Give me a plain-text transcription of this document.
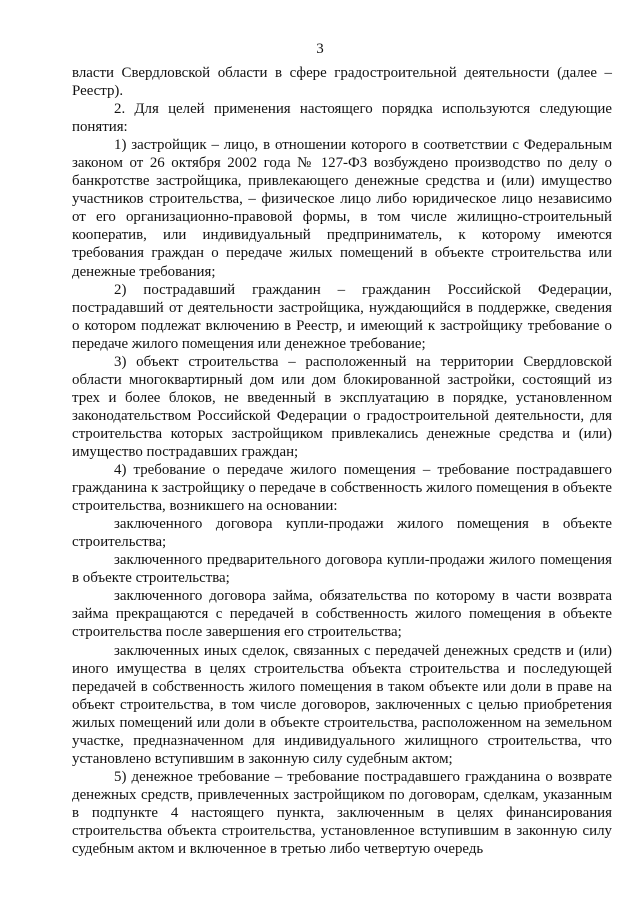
3

власти Свердловской области в сфере градостроительной деятельности (далее – Реестр).

2. Для целей применения настоящего порядка используются следующие понятия:

1) застройщик – лицо, в отношении которого в соответствии с Федеральным законом от 26 октября 2002 года № 127-ФЗ возбуждено производство по делу о банкротстве застройщика, привлекающего денежные средства и (или) имущество участников строительства, – физическое лицо либо юридическое лицо независимо от его организационно-правовой формы, в том числе жилищно-строительный кооператив, или индивидуальный предприниматель, к которому имеются требования граждан о передаче жилых помещений в объекте строительства или денежные требования;

2) пострадавший гражданин – гражданин Российской Федерации, пострадавший от деятельности застройщика, нуждающийся в поддержке, сведения о котором подлежат включению в Реестр, и имеющий к застройщику требование о передаче жилого помещения или денежное требование;

3) объект строительства – расположенный на территории Свердловской области многоквартирный дом или дом блокированной застройки, состоящий из трех и более блоков, не введенный в эксплуатацию в порядке, установленном законодательством Российской Федерации о градостроительной деятельности, для строительства которых застройщиком привлекались денежные средства и (или) имущество пострадавших граждан;

4) требование о передаче жилого помещения – требование пострадавшего гражданина к застройщику о передаче в собственность жилого помещения в объекте строительства, возникшего на основании:

заключенного договора купли-продажи жилого помещения в объекте строительства;

заключенного предварительного договора купли-продажи жилого помещения в объекте строительства;

заключенного договора займа, обязательства по которому в части возврата займа прекращаются с передачей в собственность жилого помещения в объекте строительства после завершения его строительства;

заключенных иных сделок, связанных с передачей денежных средств и (или) иного имущества в целях строительства объекта строительства и последующей передачей в собственность жилого помещения в таком объекте или доли в праве на объект строительства, в том числе договоров, заключенных с целью приобретения жилых помещений или доли в объекте строительства, расположенном на земельном участке, предназначенном для индивидуального жилищного строительства, что установлено вступившим в законную силу судебным актом;

5) денежное требование – требование пострадавшего гражданина о возврате денежных средств, привлеченных застройщиком по договорам, сделкам, указанным в подпункте 4 настоящего пункта, заключенным в целях финансирования строительства объекта строительства, установленное вступившим в законную силу судебным актом и включенное в третью либо четвертую очередь
